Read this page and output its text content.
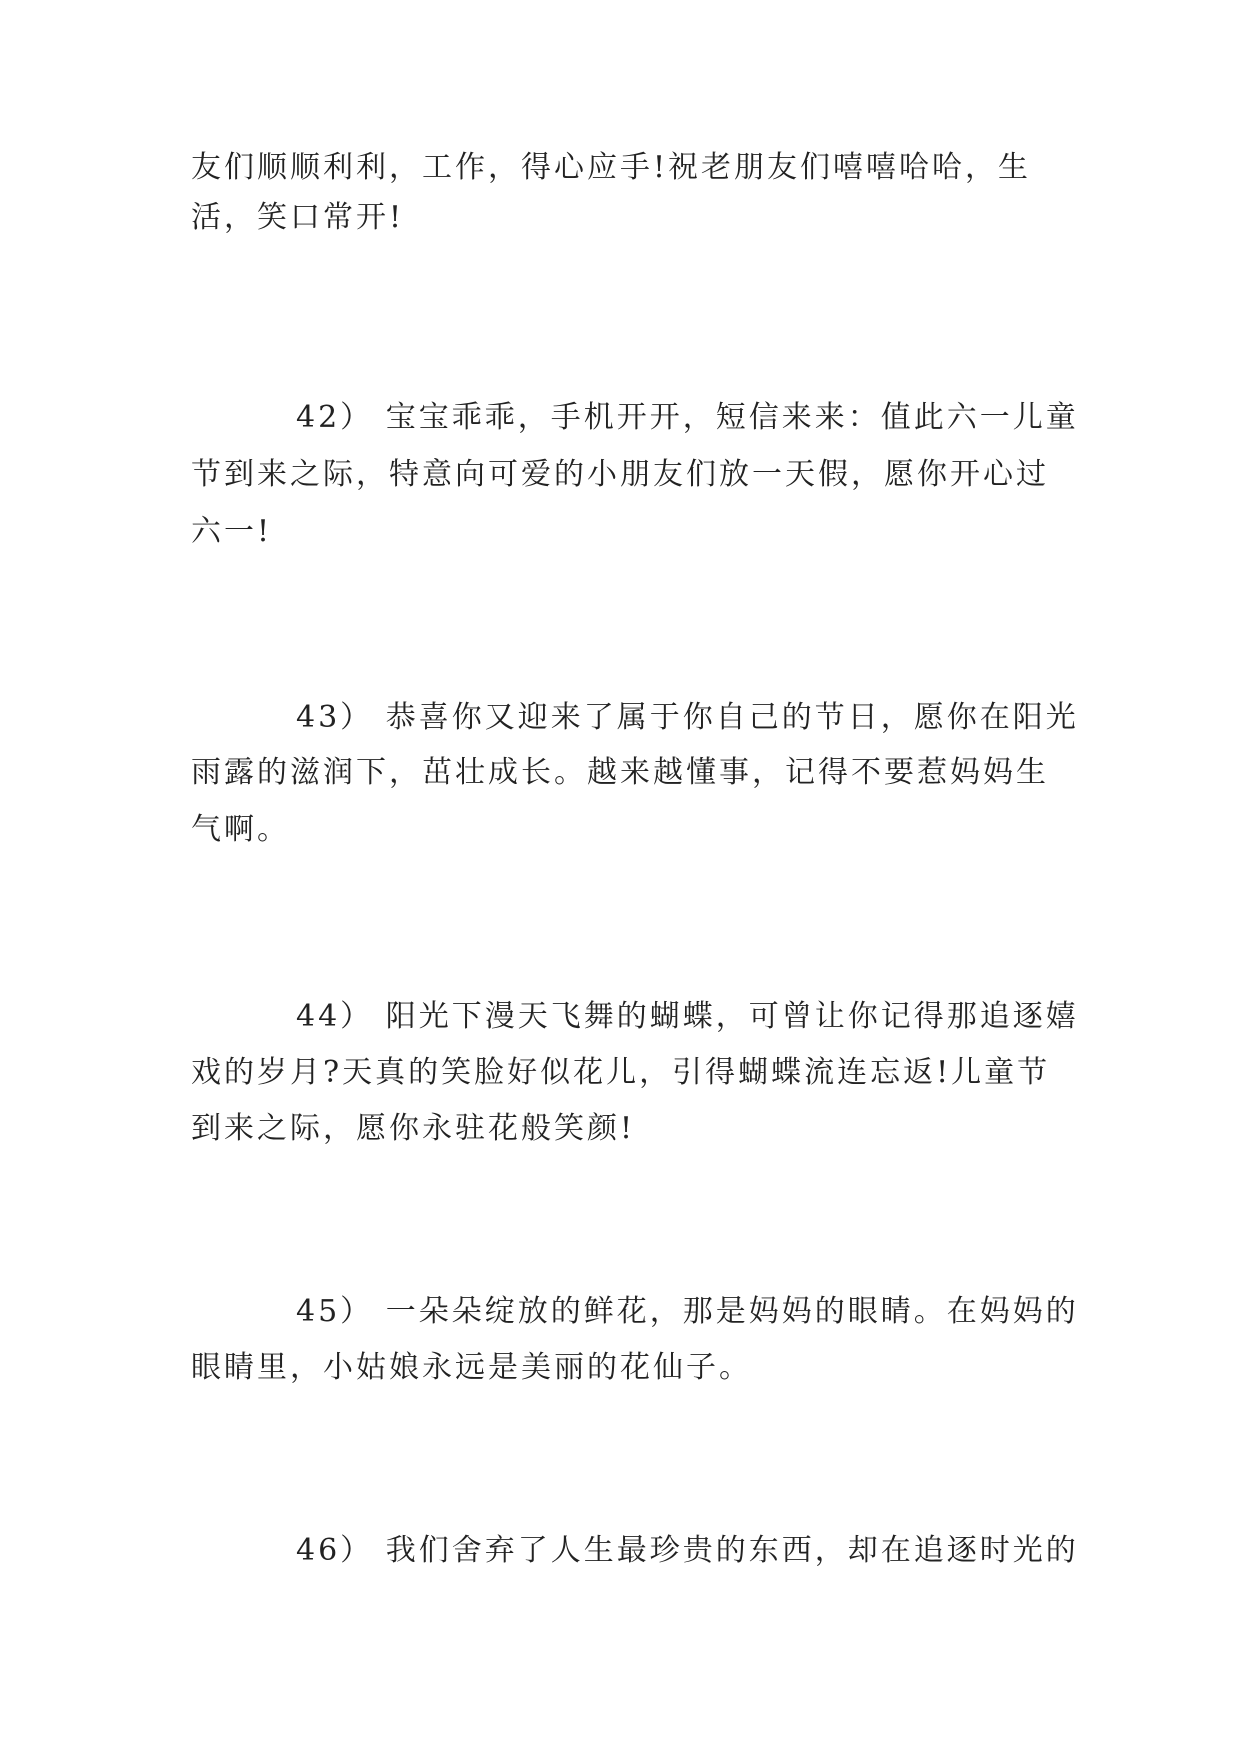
友们顺顺利利，工作，得心应手!祝老朋友们嘻嘻哈哈，生
活，笑口常开!
42） 宝宝乖乖，手机开开，短信来来：值此六一儿童
节到来之际，特意向可爱的小朋友们放一天假，愿你开心过
六一!
43） 恭喜你又迎来了属于你自己的节日，愿你在阳光
雨露的滋润下，茁壮成长。越来越懂事，记得不要惹妈妈生
气啊。
44） 阳光下漫天飞舞的蝴蝶，可曾让你记得那追逐嬉
戏的岁月?天真的笑脸好似花儿，引得蝴蝶流连忘返!儿童节
到来之际，愿你永驻花般笑颜!
45） 一朵朵绽放的鲜花，那是妈妈的眼睛。在妈妈的
眼睛里，小姑娘永远是美丽的花仙子。
46） 我们舍弃了人生最珍贵的东西，却在追逐时光的
